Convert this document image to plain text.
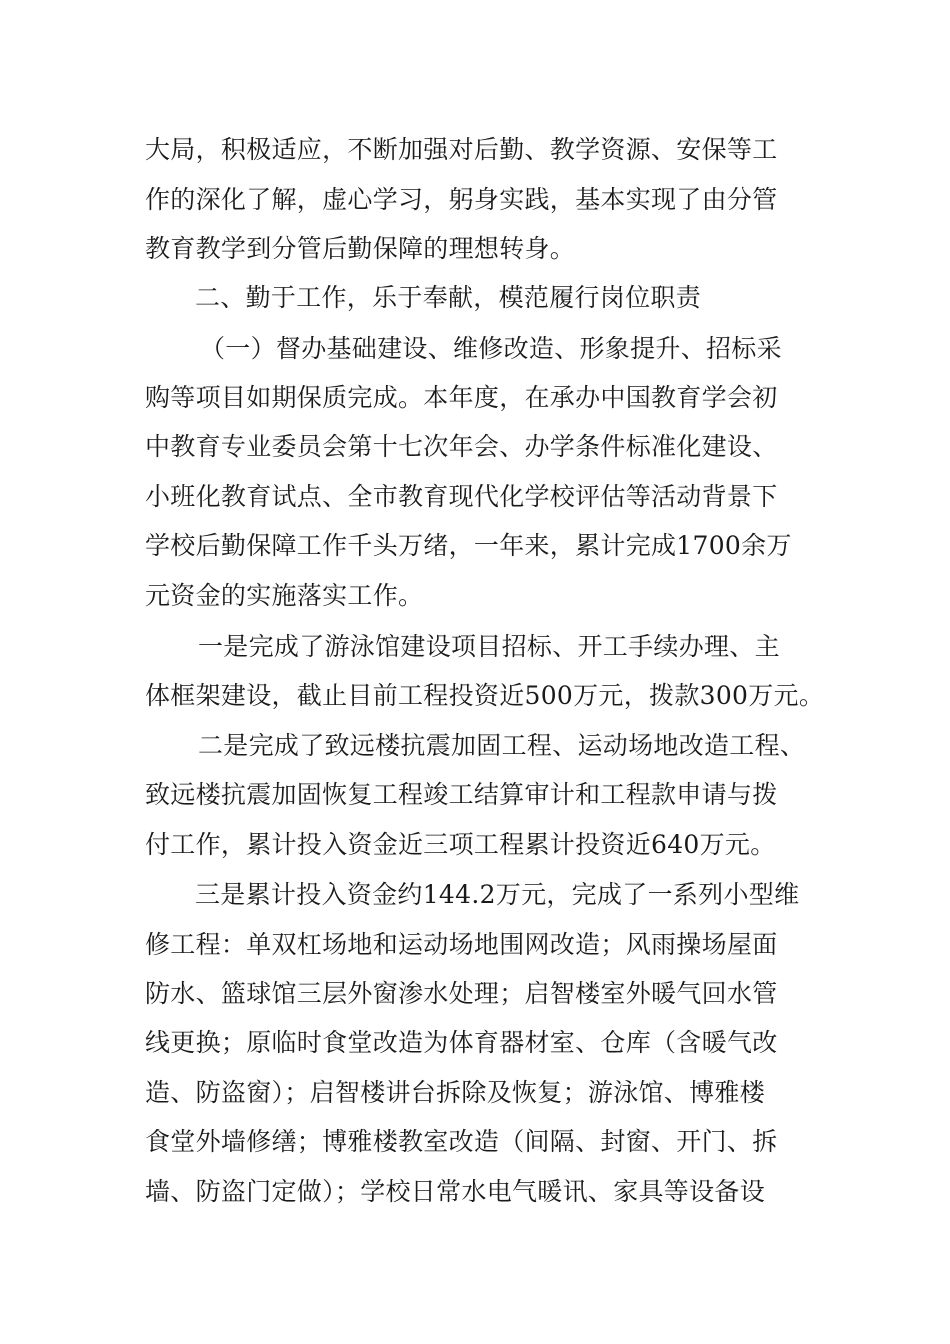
大局，积极适应，不断加强对后勤、教学资源、安保等工
作的深化了解，虚心学习，躬身实践，基本实现了由分管
教育教学到分管后勤保障的理想转身。
二、勤于工作，乐于奉献，模范履行岗位职责
（一）督办基础建设、维修改造、形象提升、招标采
购等项目如期保质完成。本年度，在承办中国教育学会初
中教育专业委员会第十七次年会、办学条件标准化建设、
小班化教育试点、全市教育现代化学校评估等活动背景下
学校后勤保障工作千头万绪，一年来，累计完成1700余万
元资金的实施落实工作。
一是完成了游泳馆建设项目招标、开工手续办理、主
体框架建设，截止目前工程投资近500万元，拨款300万元。
二是完成了致远楼抗震加固工程、运动场地改造工程、
致远楼抗震加固恢复工程竣工结算审计和工程款申请与拨
付工作，累计投入资金近三项工程累计投资近640万元。
三是累计投入资金约144.2万元，完成了一系列小型维
修工程：单双杠场地和运动场地围网改造；风雨操场屋面
防水、篮球馆三层外窗渗水处理；启智楼室外暖气回水管
线更换；原临时食堂改造为体育器材室、仓库（含暖气改
造、防盗窗）；启智楼讲台拆除及恢复；游泳馆、博雅楼
食堂外墙修缮；博雅楼教室改造（间隔、封窗、开门、拆
墙、防盗门定做）；学校日常水电气暖讯、家具等设备设
